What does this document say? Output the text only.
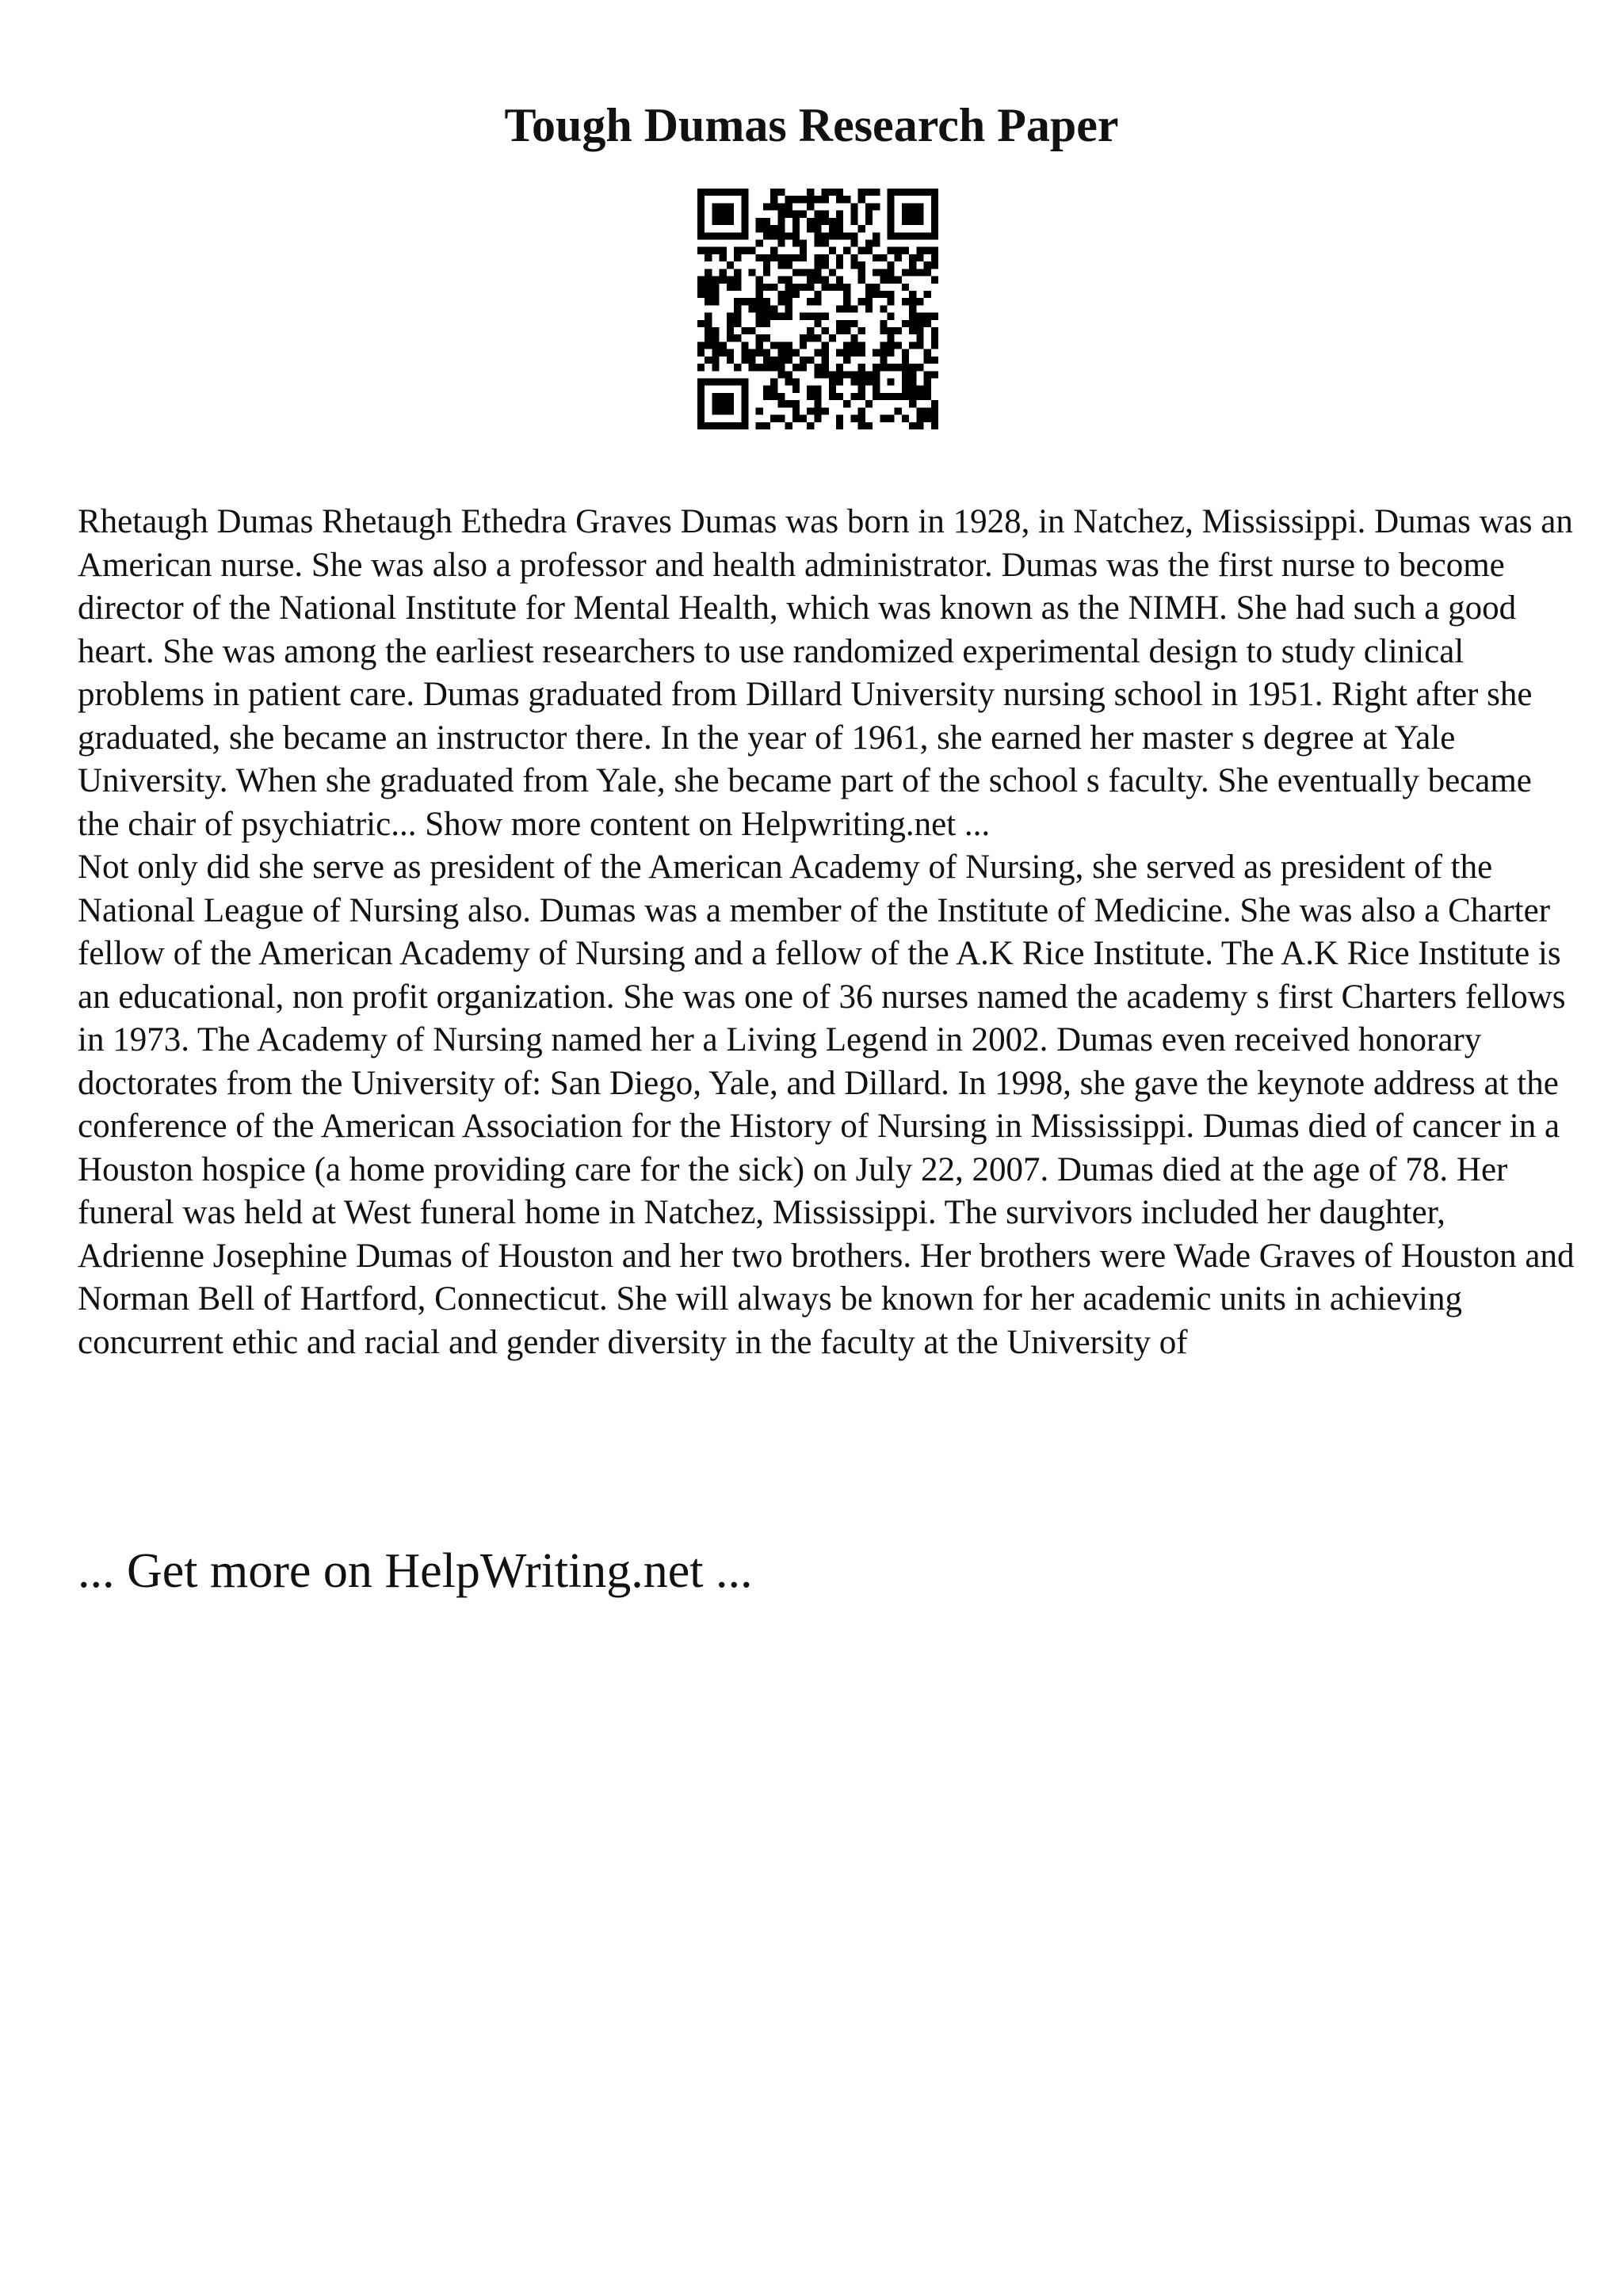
Tough Dumas Research Paper

Rhetaugh Dumas Rhetaugh Ethedra Graves Dumas was born in 1928, in Natchez, Mississippi. Dumas was an American nurse. She was also a professor and health administrator. Dumas was the first nurse to become director of the National Institute for Mental Health, which was known as the NIMH. She had such a good heart. She was among the earliest researchers to use randomized experimental design to study clinical problems in patient care. Dumas graduated from Dillard University nursing school in 1951. Right after she graduated, she became an instructor there. In the year of 1961, she earned her master s degree at Yale University. When she graduated from Yale, she became part of the school s faculty. She eventually became the chair of psychiatric... Show more content on Helpwriting.net ...

Not only did she serve as president of the American Academy of Nursing, she served as president of the National League of Nursing also. Dumas was a member of the Institute of Medicine. She was also a Charter fellow of the American Academy of Nursing and a fellow of the A.K Rice Institute. The A.K Rice Institute is an educational, non profit organization. She was one of 36 nurses named the academy s first Charters fellows in 1973. The Academy of Nursing named her a Living Legend in 2002. Dumas even received honorary doctorates from the University of: San Diego, Yale, and Dillard. In 1998, she gave the keynote address at the conference of the American Association for the History of Nursing in Mississippi. Dumas died of cancer in a Houston hospice (a home providing care for the sick) on July 22, 2007. Dumas died at the age of 78. Her funeral was held at West funeral home in Natchez, Mississippi. The survivors included her daughter, Adrienne Josephine Dumas of Houston and her two brothers. Her brothers were Wade Graves of Houston and Norman Bell of Hartford, Connecticut. She will always be known for her academic units in achieving concurrent ethic and racial and gender diversity in the faculty at the University of

... Get more on HelpWriting.net ...
